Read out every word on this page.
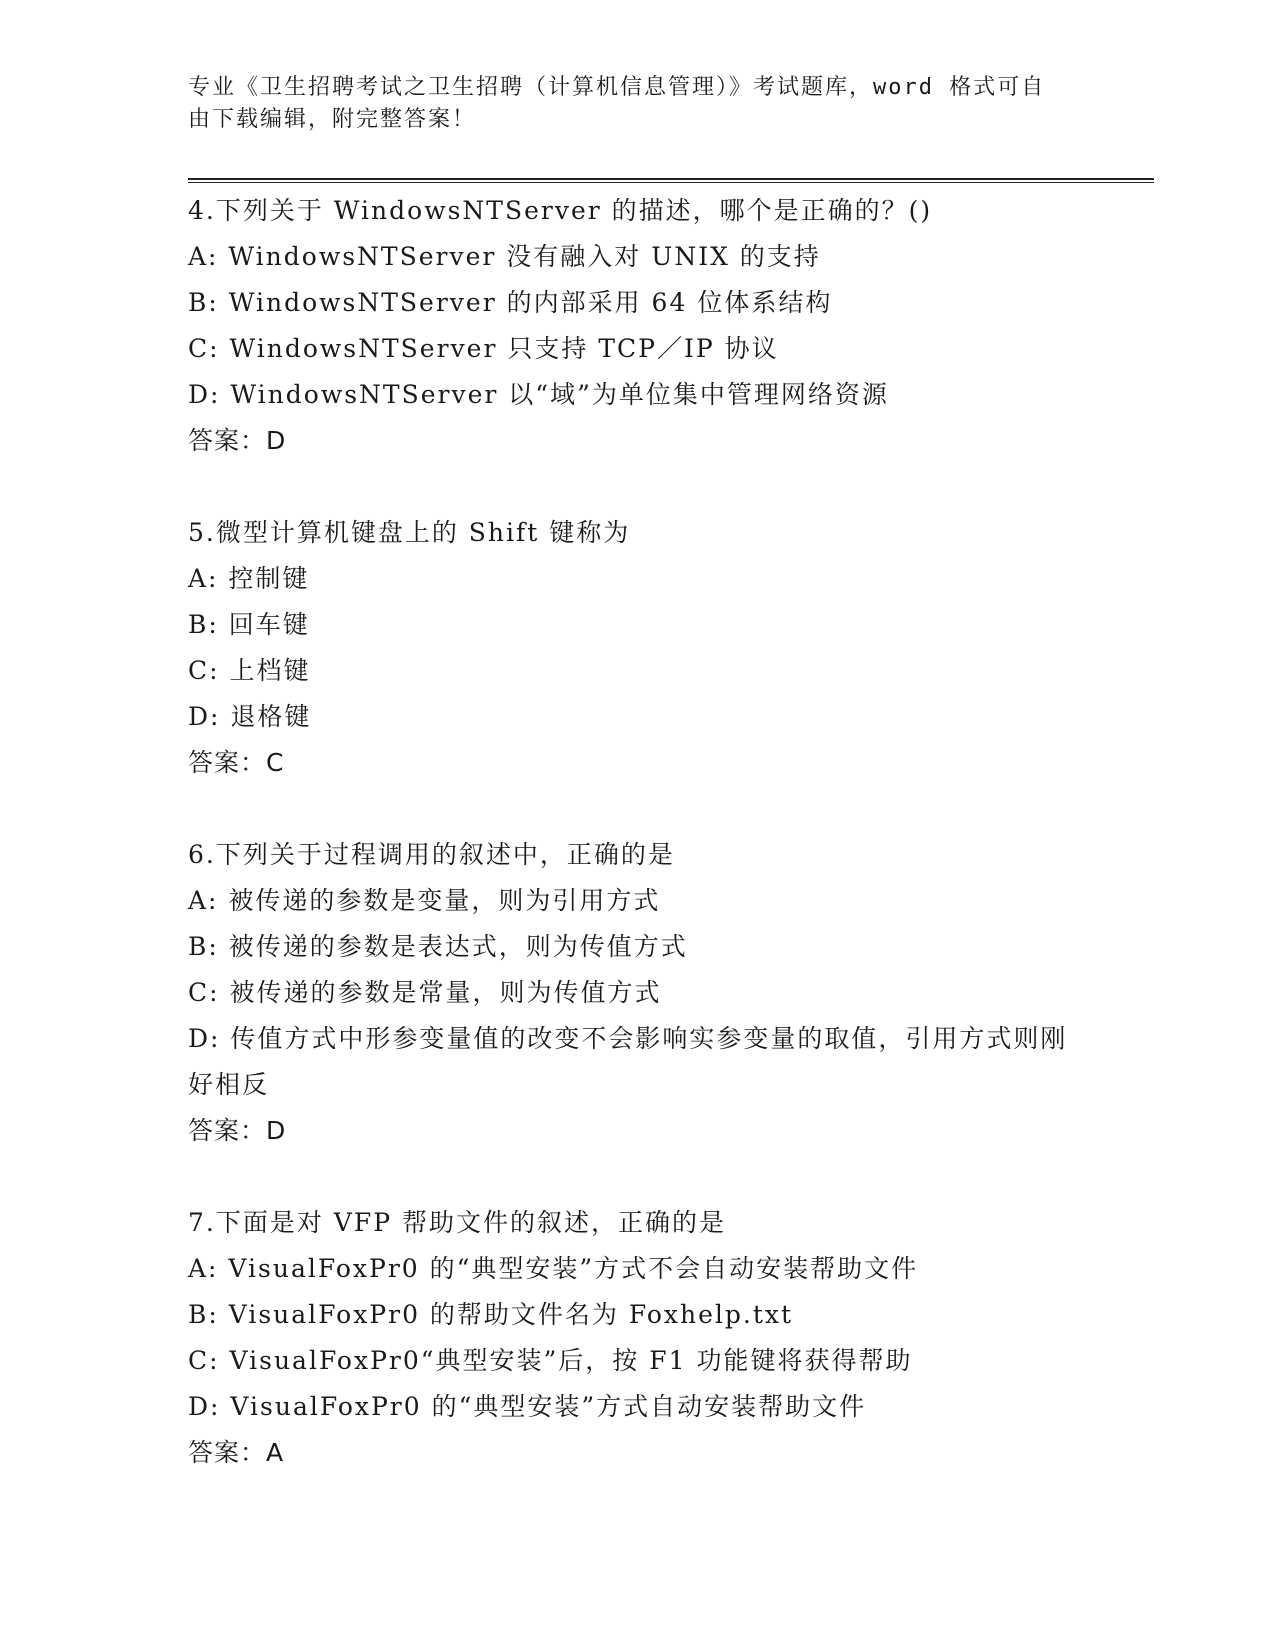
专业《卫生招聘考试之卫生招聘（计算机信息管理）》考试题库，word 格式可自由下载编辑，附完整答案！
4.下列关于 WindowsNTServer 的描述，哪个是正确的？()
A: WindowsNTServer 没有融入对 UNIX 的支持
B: WindowsNTServer 的内部采用 64 位体系结构
C: WindowsNTServer 只支持 TCP／IP 协议
D: WindowsNTServer 以“域”为单位集中管理网络资源
答案：D
5.微型计算机键盘上的 Shift 键称为
A: 控制键
B: 回车键
C: 上档键
D: 退格键
答案：C
6.下列关于过程调用的叙述中，正确的是
A: 被传递的参数是变量，则为引用方式
B: 被传递的参数是表达式，则为传值方式
C: 被传递的参数是常量，则为传值方式
D: 传值方式中形参变量值的改变不会影响实参变量的取值，引用方式则刚好相反
答案：D
7.下面是对 VFP 帮助文件的叙述，正确的是
A: VisualFoxPr0 的“典型安装”方式不会自动安装帮助文件
B: VisualFoxPr0 的帮助文件名为 Foxhelp.txt
C: VisualFoxPr0“典型安装”后，按 F1 功能键将获得帮助
D: VisualFoxPr0 的“典型安装”方式自动安装帮助文件
答案：A
